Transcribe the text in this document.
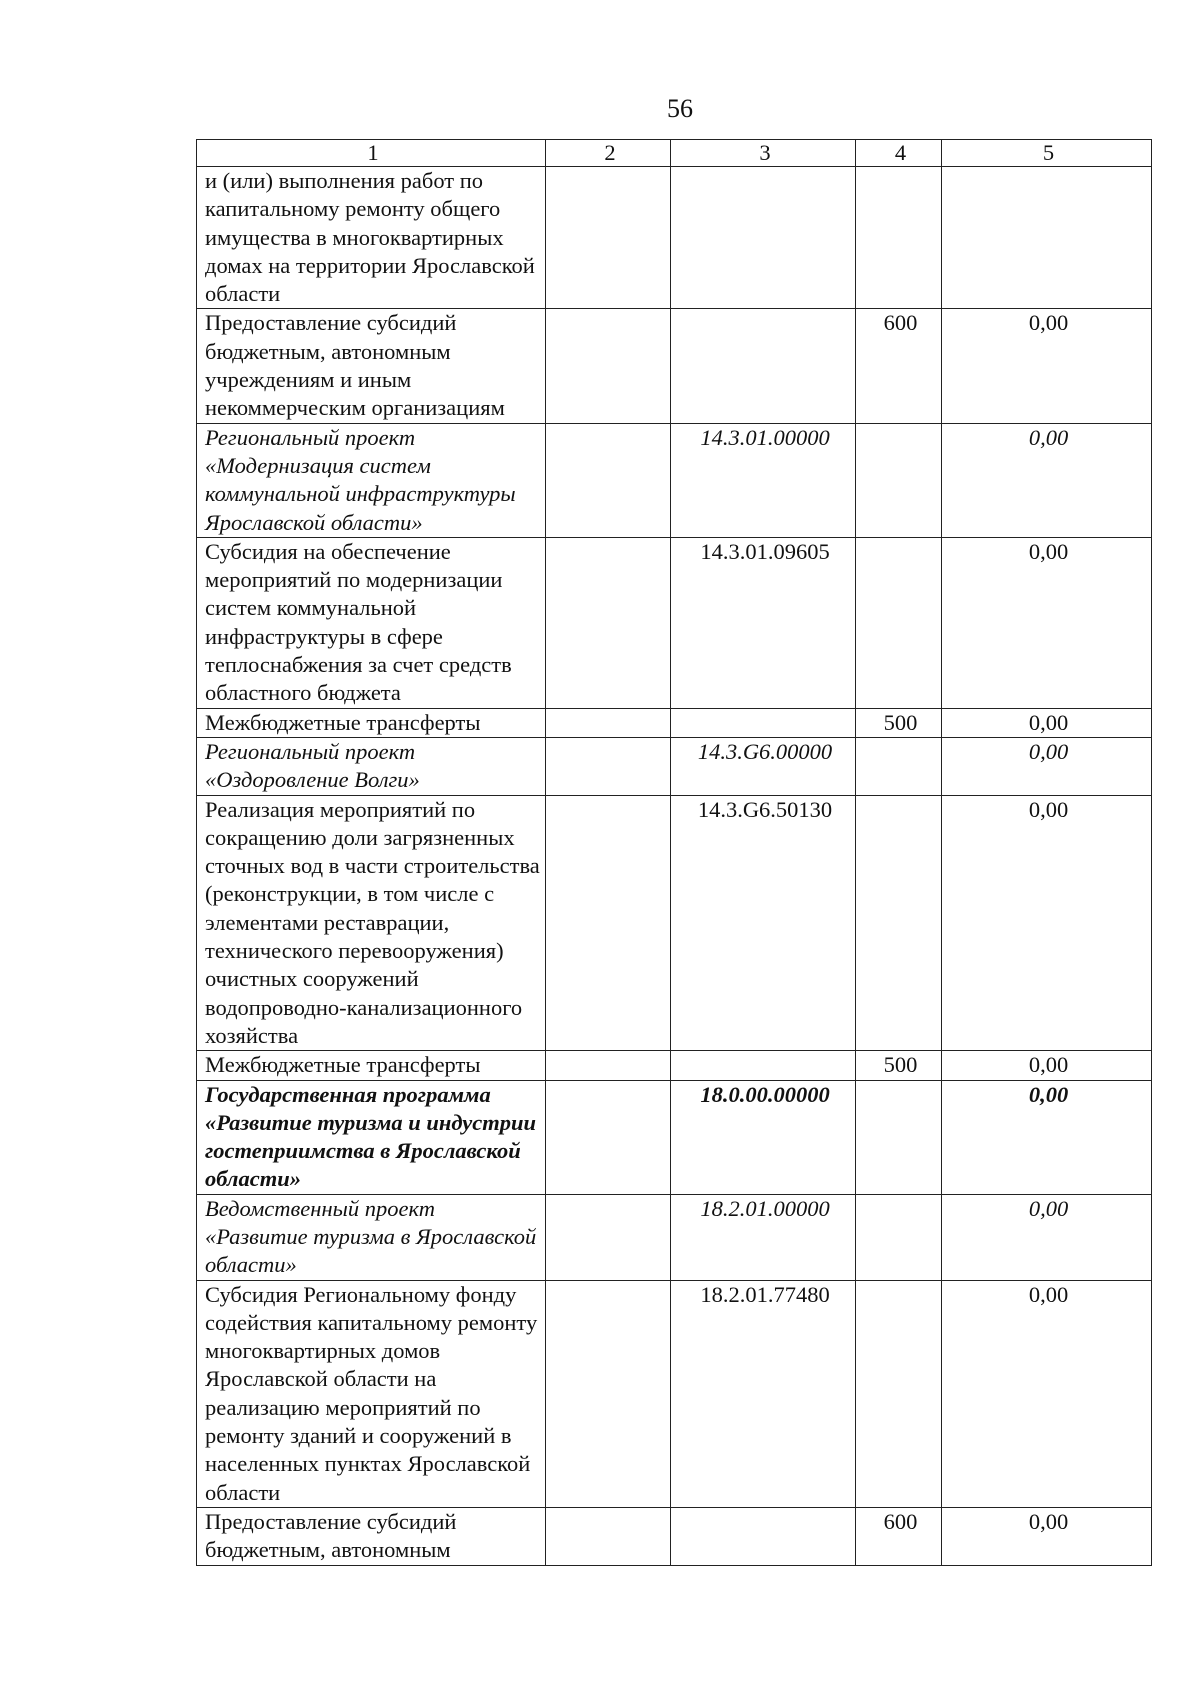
56
1	2	3	4	5
и (или) выполнения работ по капитальному ремонту общего имущества в многоквартирных домах на территории Ярославской области				
Предоставление субсидий бюджетным, автономным учреждениям и иным некоммерческим организациям			600	0,00
Региональный проект «Модернизация систем коммунальной инфраструктуры Ярославской области»		14.3.01.00000		0,00
Субсидия на обеспечение мероприятий по модернизации систем коммунальной инфраструктуры в сфере теплоснабжения за счет средств областного бюджета		14.3.01.09605		0,00
Межбюджетные трансферты			500	0,00
Региональный проект «Оздоровление Волги»		14.3.G6.00000		0,00
Реализация мероприятий по сокращению доли загрязненных сточных вод в части строительства (реконструкции, в том числе с элементами реставрации, технического перевооружения) очистных сооружений водопроводно-канализационного хозяйства		14.3.G6.50130		0,00
Межбюджетные трансферты			500	0,00
Государственная программа «Развитие туризма и индустрии гостеприимства в Ярославской области»		18.0.00.00000		0,00
Ведомственный проект «Развитие туризма в Ярославской области»		18.2.01.00000		0,00
Субсидия Региональному фонду содействия капитальному ремонту многоквартирных домов Ярославской области на реализацию мероприятий по ремонту зданий и сооружений в населенных пунктах Ярославской области		18.2.01.77480		0,00
Предоставление субсидий бюджетным, автономным			600	0,00
